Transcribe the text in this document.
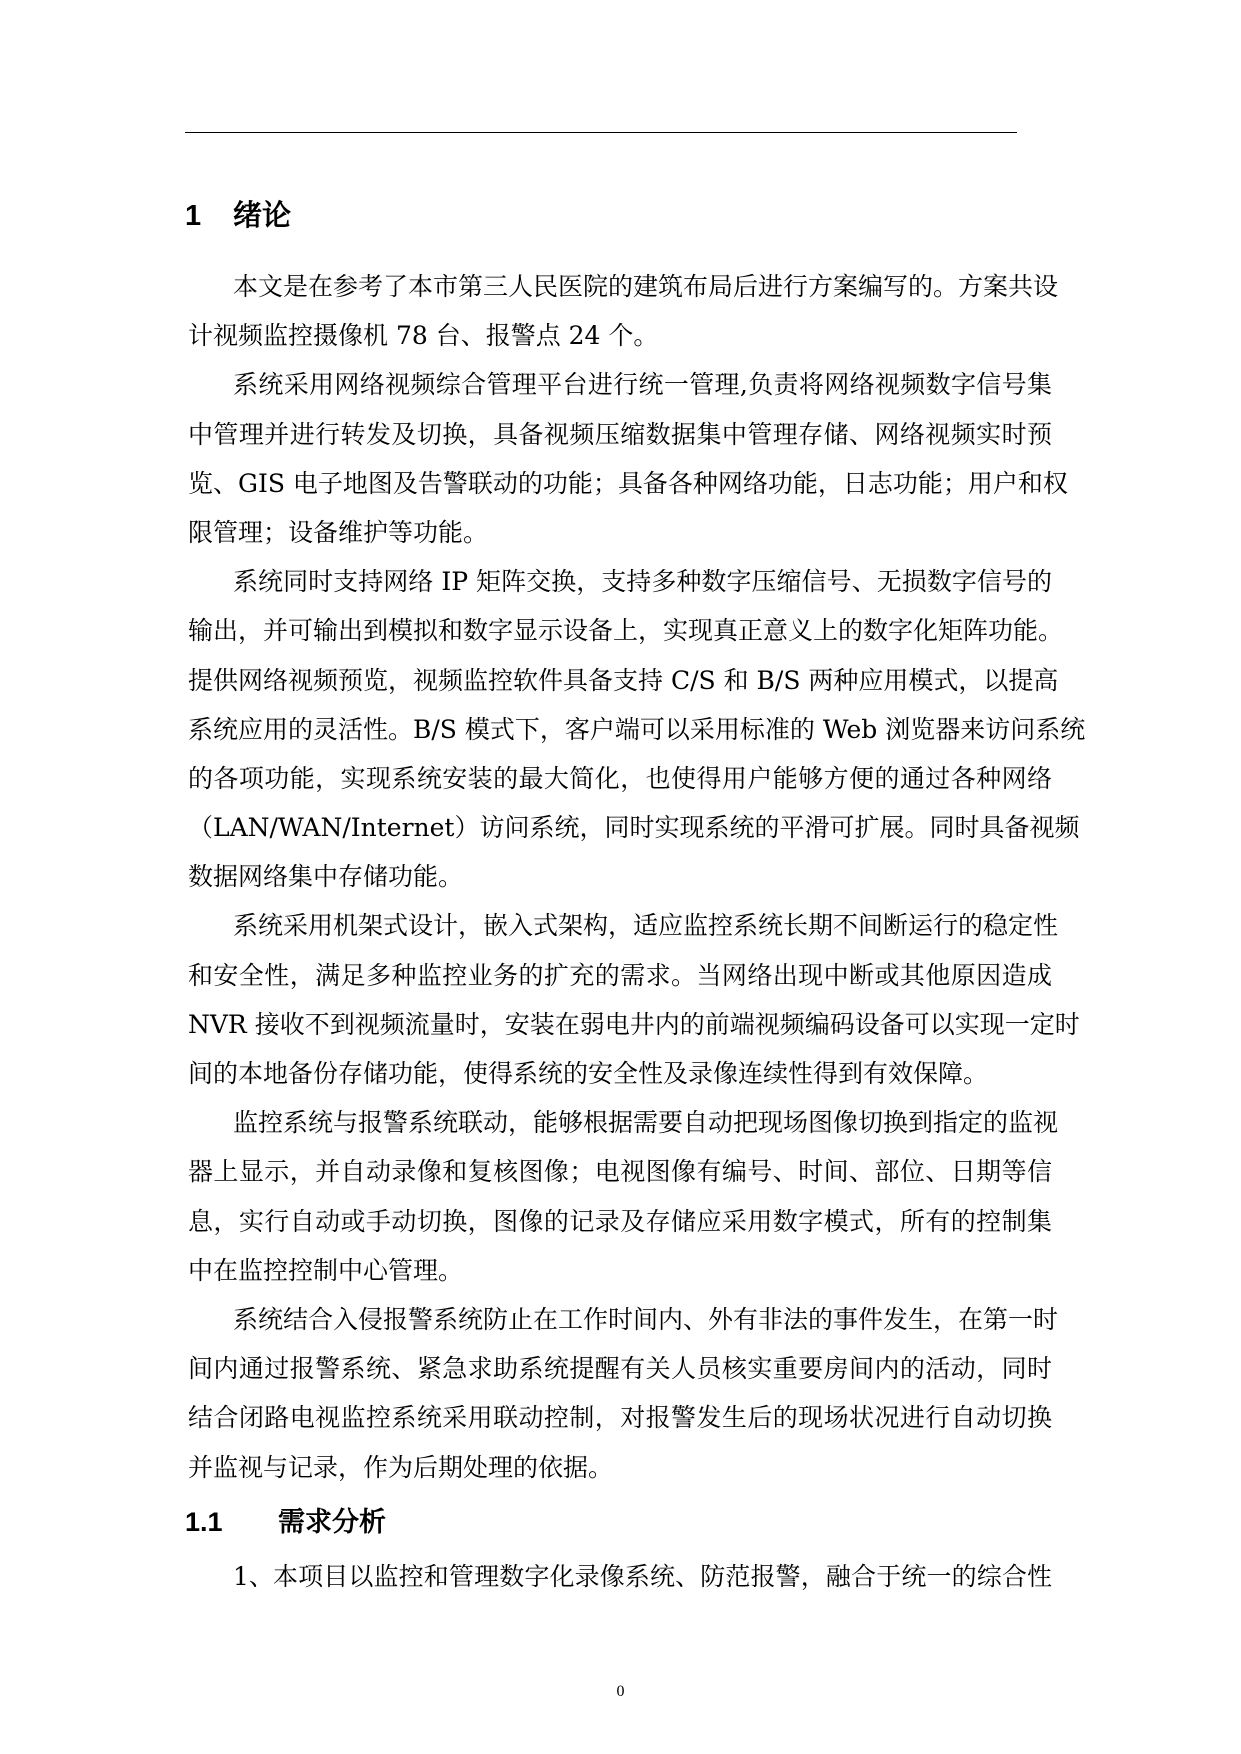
1 绪论
本文是在参考了本市第三人民医院的建筑布局后进行方案编写的。方案共设
计视频监控摄像机 78 台、报警点 24 个。
系统采用网络视频综合管理平台进行统一管理,负责将网络视频数字信号集
中管理并进行转发及切换，具备视频压缩数据集中管理存储、网络视频实时预
览、GIS 电子地图及告警联动的功能；具备各种网络功能，日志功能；用户和权
限管理；设备维护等功能。
系统同时支持网络 IP 矩阵交换，支持多种数字压缩信号、无损数字信号的
输出，并可输出到模拟和数字显示设备上，实现真正意义上的数字化矩阵功能。
提供网络视频预览，视频监控软件具备支持 C/S 和 B/S 两种应用模式，以提高
系统应用的灵活性。B/S 模式下，客户端可以采用标准的 Web 浏览器来访问系统
的各项功能，实现系统安装的最大简化，也使得用户能够方便的通过各种网络
（LAN/WAN/Internet）访问系统，同时实现系统的平滑可扩展。同时具备视频
数据网络集中存储功能。
系统采用机架式设计，嵌入式架构，适应监控系统长期不间断运行的稳定性
和安全性，满足多种监控业务的扩充的需求。当网络出现中断或其他原因造成
NVR 接收不到视频流量时，安装在弱电井内的前端视频编码设备可以实现一定时
间的本地备份存储功能，使得系统的安全性及录像连续性得到有效保障。
监控系统与报警系统联动，能够根据需要自动把现场图像切换到指定的监视
器上显示，并自动录像和复核图像；电视图像有编号、时间、部位、日期等信
息，实行自动或手动切换，图像的记录及存储应采用数字模式，所有的控制集
中在监控控制中心管理。
系统结合入侵报警系统防止在工作时间内、外有非法的事件发生，在第一时
间内通过报警系统、紧急求助系统提醒有关人员核实重要房间内的活动，同时
结合闭路电视监控系统采用联动控制，对报警发生后的现场状况进行自动切换
并监视与记录，作为后期处理的依据。
1.1 需求分析
1、 本项目以监控和管理数字化录像系统、防范报警，融合于统一的综合性
0
